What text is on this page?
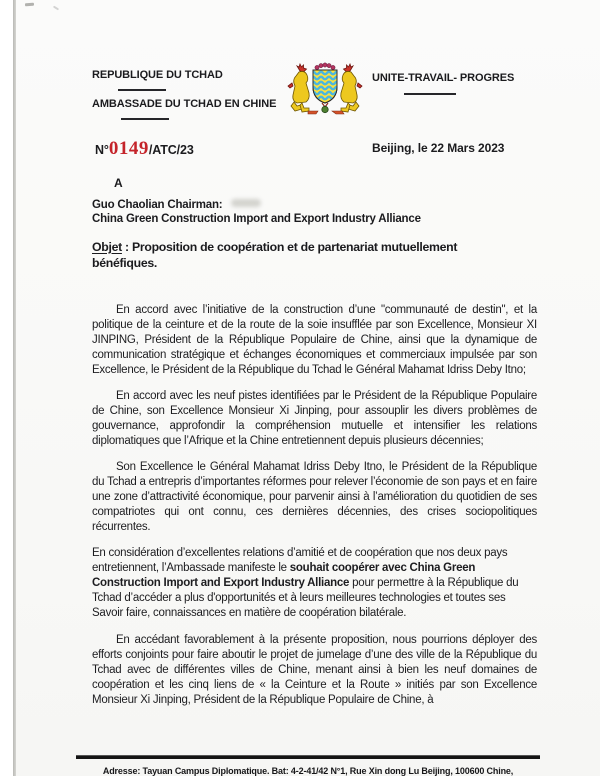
REPUBLIQUE DU TCHAD
AMBASSADE DU TCHAD EN CHINE
UNITE-TRAVAIL- PROGRES
N°0149/ATC/23	Beijing, le 22 Mars 2023
A
Guo Chaolian Chairman:
China Green Construction Import and Export Industry Alliance
Objet : Proposition de coopération et de partenariat mutuellement bénéfiques.

En accord avec l’initiative de la construction d’une "communauté de destin", et la politique de la ceinture et de la route de la soie insufflée par son Excellence, Monsieur XI JINPING, Président de la République Populaire de Chine, ainsi que la dynamique de communication stratégique et échanges économiques et commerciaux impulsée par son Excellence, le Président de la République du Tchad le Général Mahamat Idriss Deby Itno;

En accord avec les neuf pistes identifiées par le Président de la République Populaire de Chine, son Excellence Monsieur Xi Jinping, pour assouplir les divers problèmes de gouvernance, approfondir la compréhension mutuelle et intensifier les relations diplomatiques que l’Afrique et la Chine entretiennent depuis plusieurs décennies;

Son Excellence le Général Mahamat Idriss Deby Itno, le Président de la République du Tchad a entrepris d’importantes réformes pour relever l’économie de son pays et en faire une zone d’attractivité économique, pour parvenir ainsi à l’amélioration du quotidien de ses compatriotes qui ont connu, ces dernières décennies, des crises sociopolitiques récurrentes.

En considération d’excellentes relations d’amitié et de coopération que nos deux pays entretiennent, l’Ambassade manifeste le souhait coopérer avec China Green Construction Import and Export Industry Alliance pour permettre à la République du Tchad d’accéder a plus d'opportunités et à leurs meilleures technologies et toutes ses Savoir faire, connaissances en matière de coopération bilatérale.

En accédant favorablement à la présente proposition, nous pourrions déployer des efforts conjoints pour faire aboutir le projet de jumelage d’une des ville de la République du Tchad avec de différentes villes de Chine, menant ainsi à bien les neuf domaines de coopération et les cinq liens de « la Ceinture et la Route » initiés par son Excellence Monsieur Xi Jinping, Président de la République Populaire de Chine, à

Adresse: Tayuan Campus Diplomatique. Bat: 4-2-41/42 N°1, Rue Xin dong Lu Beijing, 100600 Chine,
